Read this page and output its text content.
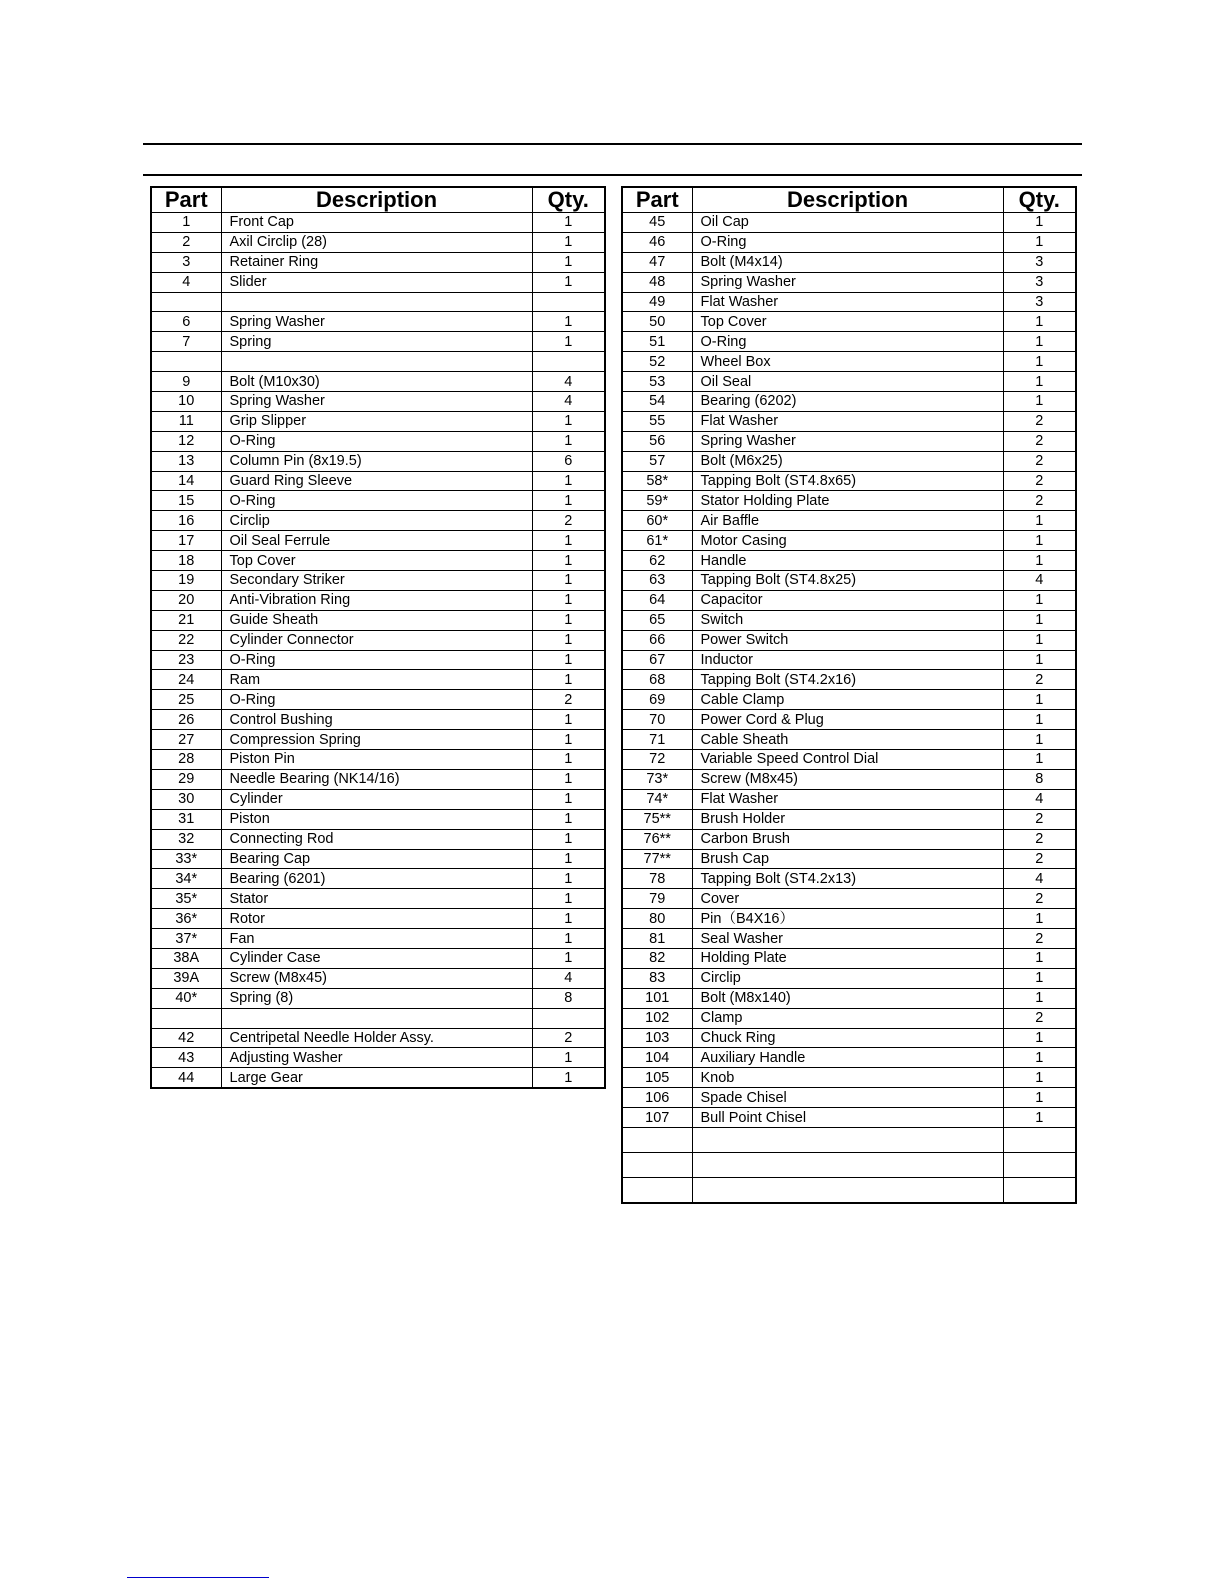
Part	Description	Qty.
1	Front Cap	1
2	Axil Circlip (28)	1
3	Retainer Ring	1
4	Slider	1

6	Spring Washer	1
7	Spring	1

9	Bolt (M10x30)	4
10	Spring Washer	4
11	Grip Slipper	1
12	O-Ring	1
13	Column Pin (8x19.5)	6
14	Guard Ring Sleeve	1
15	O-Ring	1
16	Circlip	2
17	Oil Seal Ferrule	1
18	Top Cover	1
19	Secondary Striker	1
20	Anti-Vibration Ring	1
21	Guide Sheath	1
22	Cylinder Connector	1
23	O-Ring	1
24	Ram	1
25	O-Ring	2
26	Control Bushing	1
27	Compression Spring	1
28	Piston Pin	1
29	Needle Bearing (NK14/16)	1
30	Cylinder	1
31	Piston	1
32	Connecting Rod	1
33*	Bearing Cap	1
34*	Bearing (6201)	1
35*	Stator	1
36*	Rotor	1
37*	Fan	1
38A	Cylinder Case	1
39A	Screw (M8x45)	4
40*	Spring (8)	8

42	Centripetal Needle Holder Assy.	2
43	Adjusting Washer	1
44	Large Gear	1
Part	Description	Qty.
45	Oil Cap	1
46	O-Ring	1
47	Bolt (M4x14)	3
48	Spring Washer	3
49	Flat Washer	3
50	Top Cover	1
51	O-Ring	1
52	Wheel Box	1
53	Oil Seal	1
54	Bearing (6202)	1
55	Flat Washer	2
56	Spring Washer	2
57	Bolt (M6x25)	2
58*	Tapping Bolt (ST4.8x65)	2
59*	Stator Holding Plate	2
60*	Air Baffle	1
61*	Motor Casing	1
62	Handle	1
63	Tapping Bolt (ST4.8x25)	4
64	Capacitor	1
65	Switch	1
66	Power Switch	1
67	Inductor	1
68	Tapping Bolt (ST4.2x16)	2
69	Cable Clamp	1
70	Power Cord & Plug	1
71	Cable Sheath	1
72	Variable Speed Control Dial	1
73*	Screw (M8x45)	8
74*	Flat Washer	4
75**	Brush Holder	2
76**	Carbon Brush	2
77**	Brush Cap	2
78	Tapping Bolt (ST4.2x13)	4
79	Cover	2
80	Pin（B4X16）	1
81	Seal Washer	2
82	Holding Plate	1
83	Circlip	1
101	Bolt (M8x140)	1
102	Clamp	2
103	Chuck Ring	1
104	Auxiliary Handle	1
105	Knob	1
106	Spade Chisel	1
107	Bull Point Chisel	1
